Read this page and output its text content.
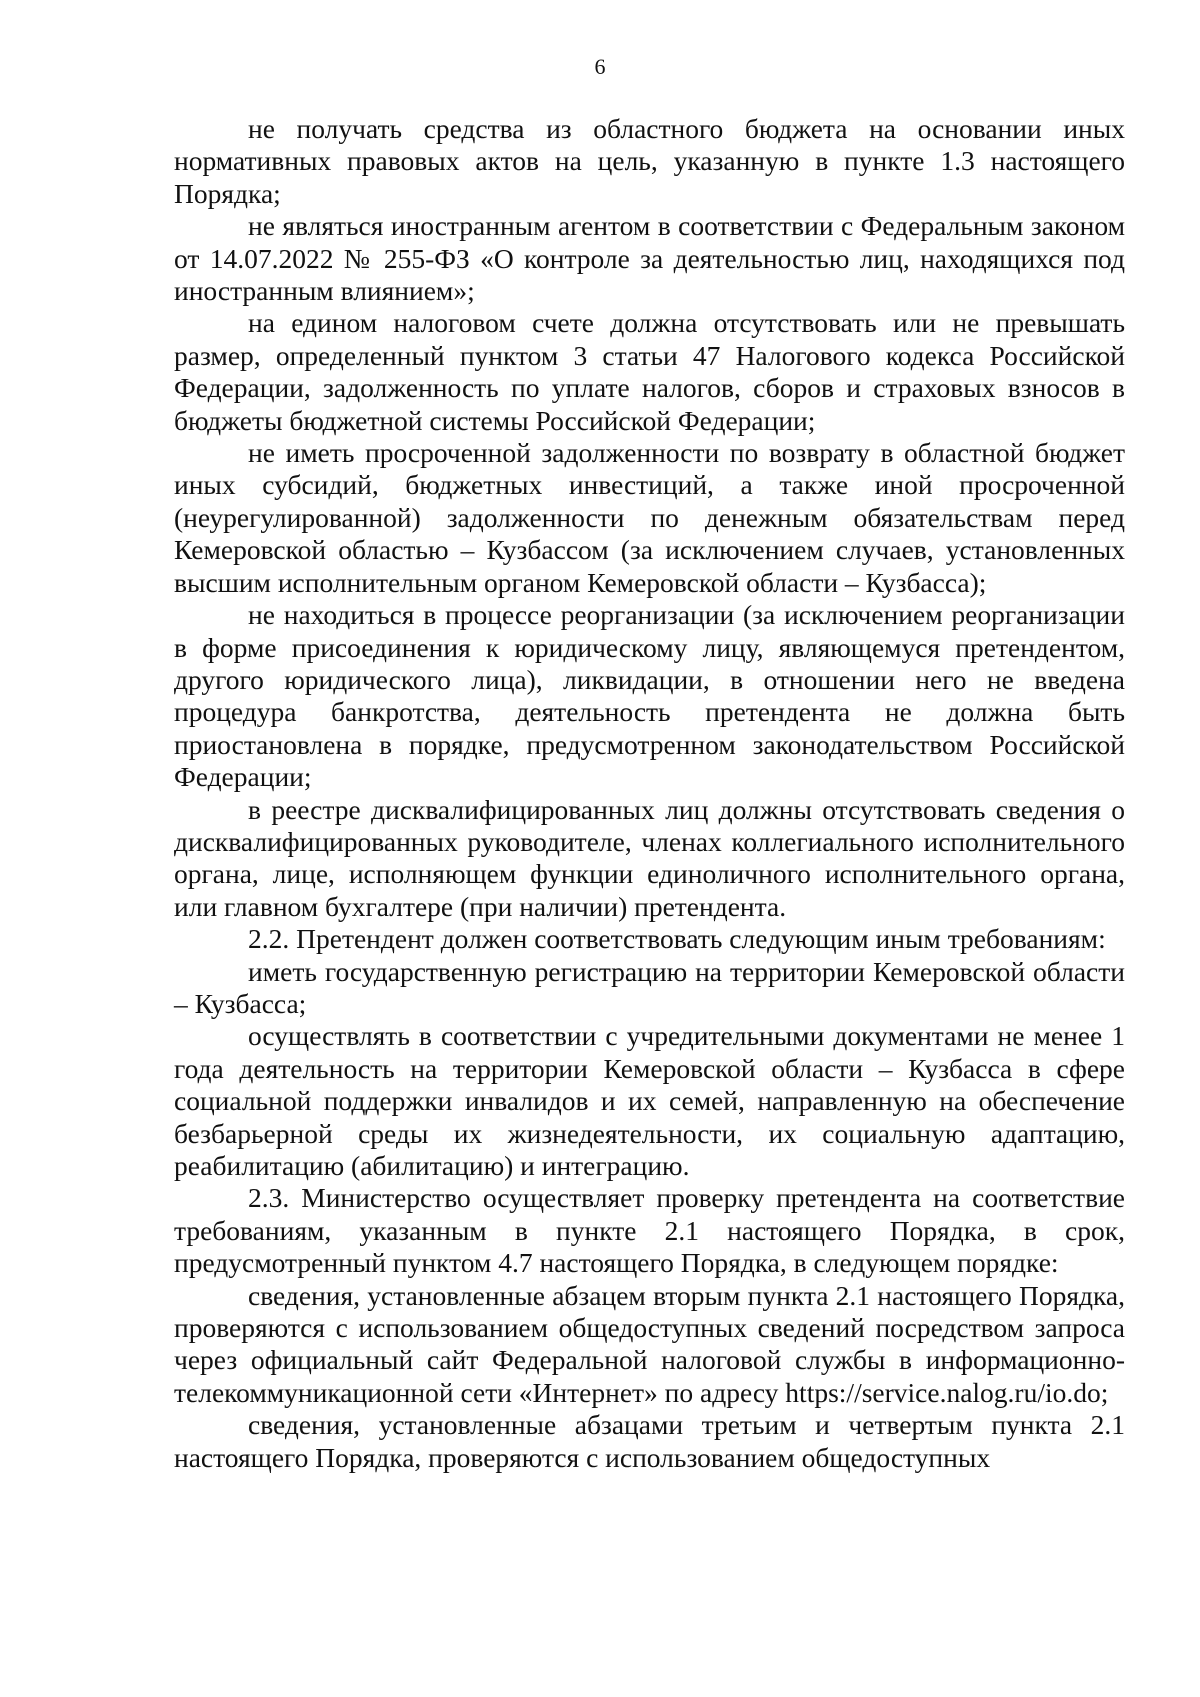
6

не получать средства из областного бюджета на основании иных нормативных правовых актов на цель, указанную в пункте 1.3 настоящего Порядка;

не являться иностранным агентом в соответствии с Федеральным законом от 14.07.2022 № 255-ФЗ «О контроле за деятельностью лиц, находящихся под иностранным влиянием»;

на едином налоговом счете должна отсутствовать или не превышать размер, определенный пунктом 3 статьи 47 Налогового кодекса Российской Федерации, задолженность по уплате налогов, сборов и страховых взносов в бюджеты бюджетной системы Российской Федерации;

не иметь просроченной задолженности по возврату в областной бюджет иных субсидий, бюджетных инвестиций, а также иной просроченной (неурегулированной) задолженности по денежным обязательствам перед Кемеровской областью – Кузбассом (за исключением случаев, установленных высшим исполнительным органом Кемеровской области – Кузбасса);

не находиться в процессе реорганизации (за исключением реорганизации в форме присоединения к юридическому лицу, являющемуся претендентом, другого юридического лица), ликвидации, в отношении него не введена процедура банкротства, деятельность претендента не должна быть приостановлена в порядке, предусмотренном законодательством Российской Федерации;

в реестре дисквалифицированных лиц должны отсутствовать сведения о дисквалифицированных руководителе, членах коллегиального исполнительного органа, лице, исполняющем функции единоличного исполнительного органа, или главном бухгалтере (при наличии) претендента.

2.2. Претендент должен соответствовать следующим иным требованиям:

иметь государственную регистрацию на территории Кемеровской области – Кузбасса;

осуществлять в соответствии с учредительными документами не менее 1 года деятельность на территории Кемеровской области – Кузбасса в сфере социальной поддержки инвалидов и их семей, направленную на обеспечение безбарьерной среды их жизнедеятельности, их социальную адаптацию, реабилитацию (абилитацию) и интеграцию.

2.3. Министерство осуществляет проверку претендента на соответствие требованиям, указанным в пункте 2.1 настоящего Порядка, в срок, предусмотренный пунктом 4.7 настоящего Порядка, в следующем порядке:

сведения, установленные абзацем вторым пункта 2.1 настоящего Порядка, проверяются с использованием общедоступных сведений посредством запроса через официальный сайт Федеральной налоговой службы в информационно-телекоммуникационной сети «Интернет» по адресу https://service.nalog.ru/io.do;

сведения, установленные абзацами третьим и четвертым пункта 2.1 настоящего Порядка, проверяются с использованием общедоступных
